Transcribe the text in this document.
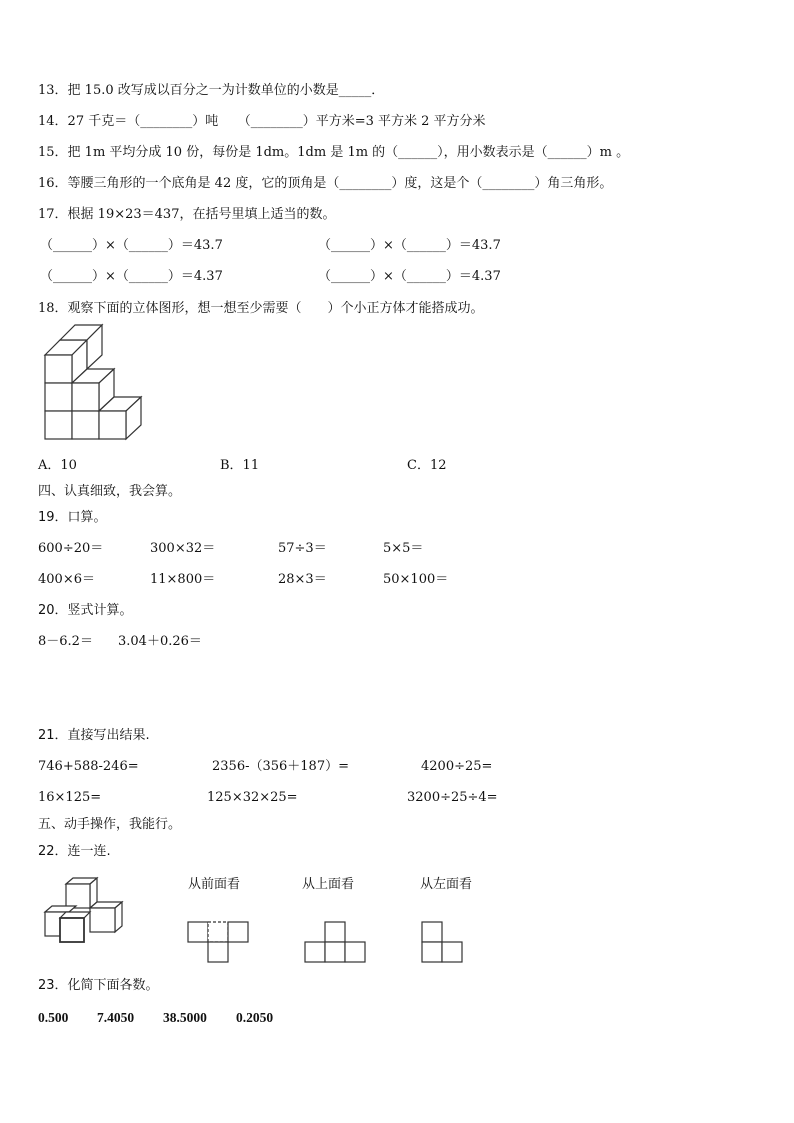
13．把 15.0 改写成以百分之一为计数单位的小数是_____．
14．27 千克＝（________）吨　　（________）平方米=3 平方米 2 平方分米
15．把 1m 平均分成 10 份，每份是 1dm。1dm 是 1m 的（______），用小数表示是（______）m 。
16．等腰三角形的一个底角是 42 度，它的顶角是（________）度，这是个（________）角三角形。
17．根据 19×23＝437，在括号里填上适当的数。
（______）×（______）＝43.7	（______）×（______）＝43.7
（______）×（______）＝4.37	（______）×（______）＝4.37
18．观察下面的立体图形，想一想至少需要（　　）个小正方体才能搭成功。
A．10	B．11	C．12
四、认真细致，我会算。
19．口算。
600÷20＝	300×32＝	57÷3＝	5×5＝
400×6＝	11×800＝	28×3＝	50×100＝
20．竖式计算。
8－6.2＝ 3.04＋0.26＝
21．直接写出结果.
746+588-246=	2356-（356＋187）=	4200÷25=
16×125=	125×32×25=	3200÷25÷4=
五、动手操作，我能行。
22．连一连.
从前面看	从上面看	从左面看
23．化简下面各数。
0.500 7.4050 38.5000 0.2050
